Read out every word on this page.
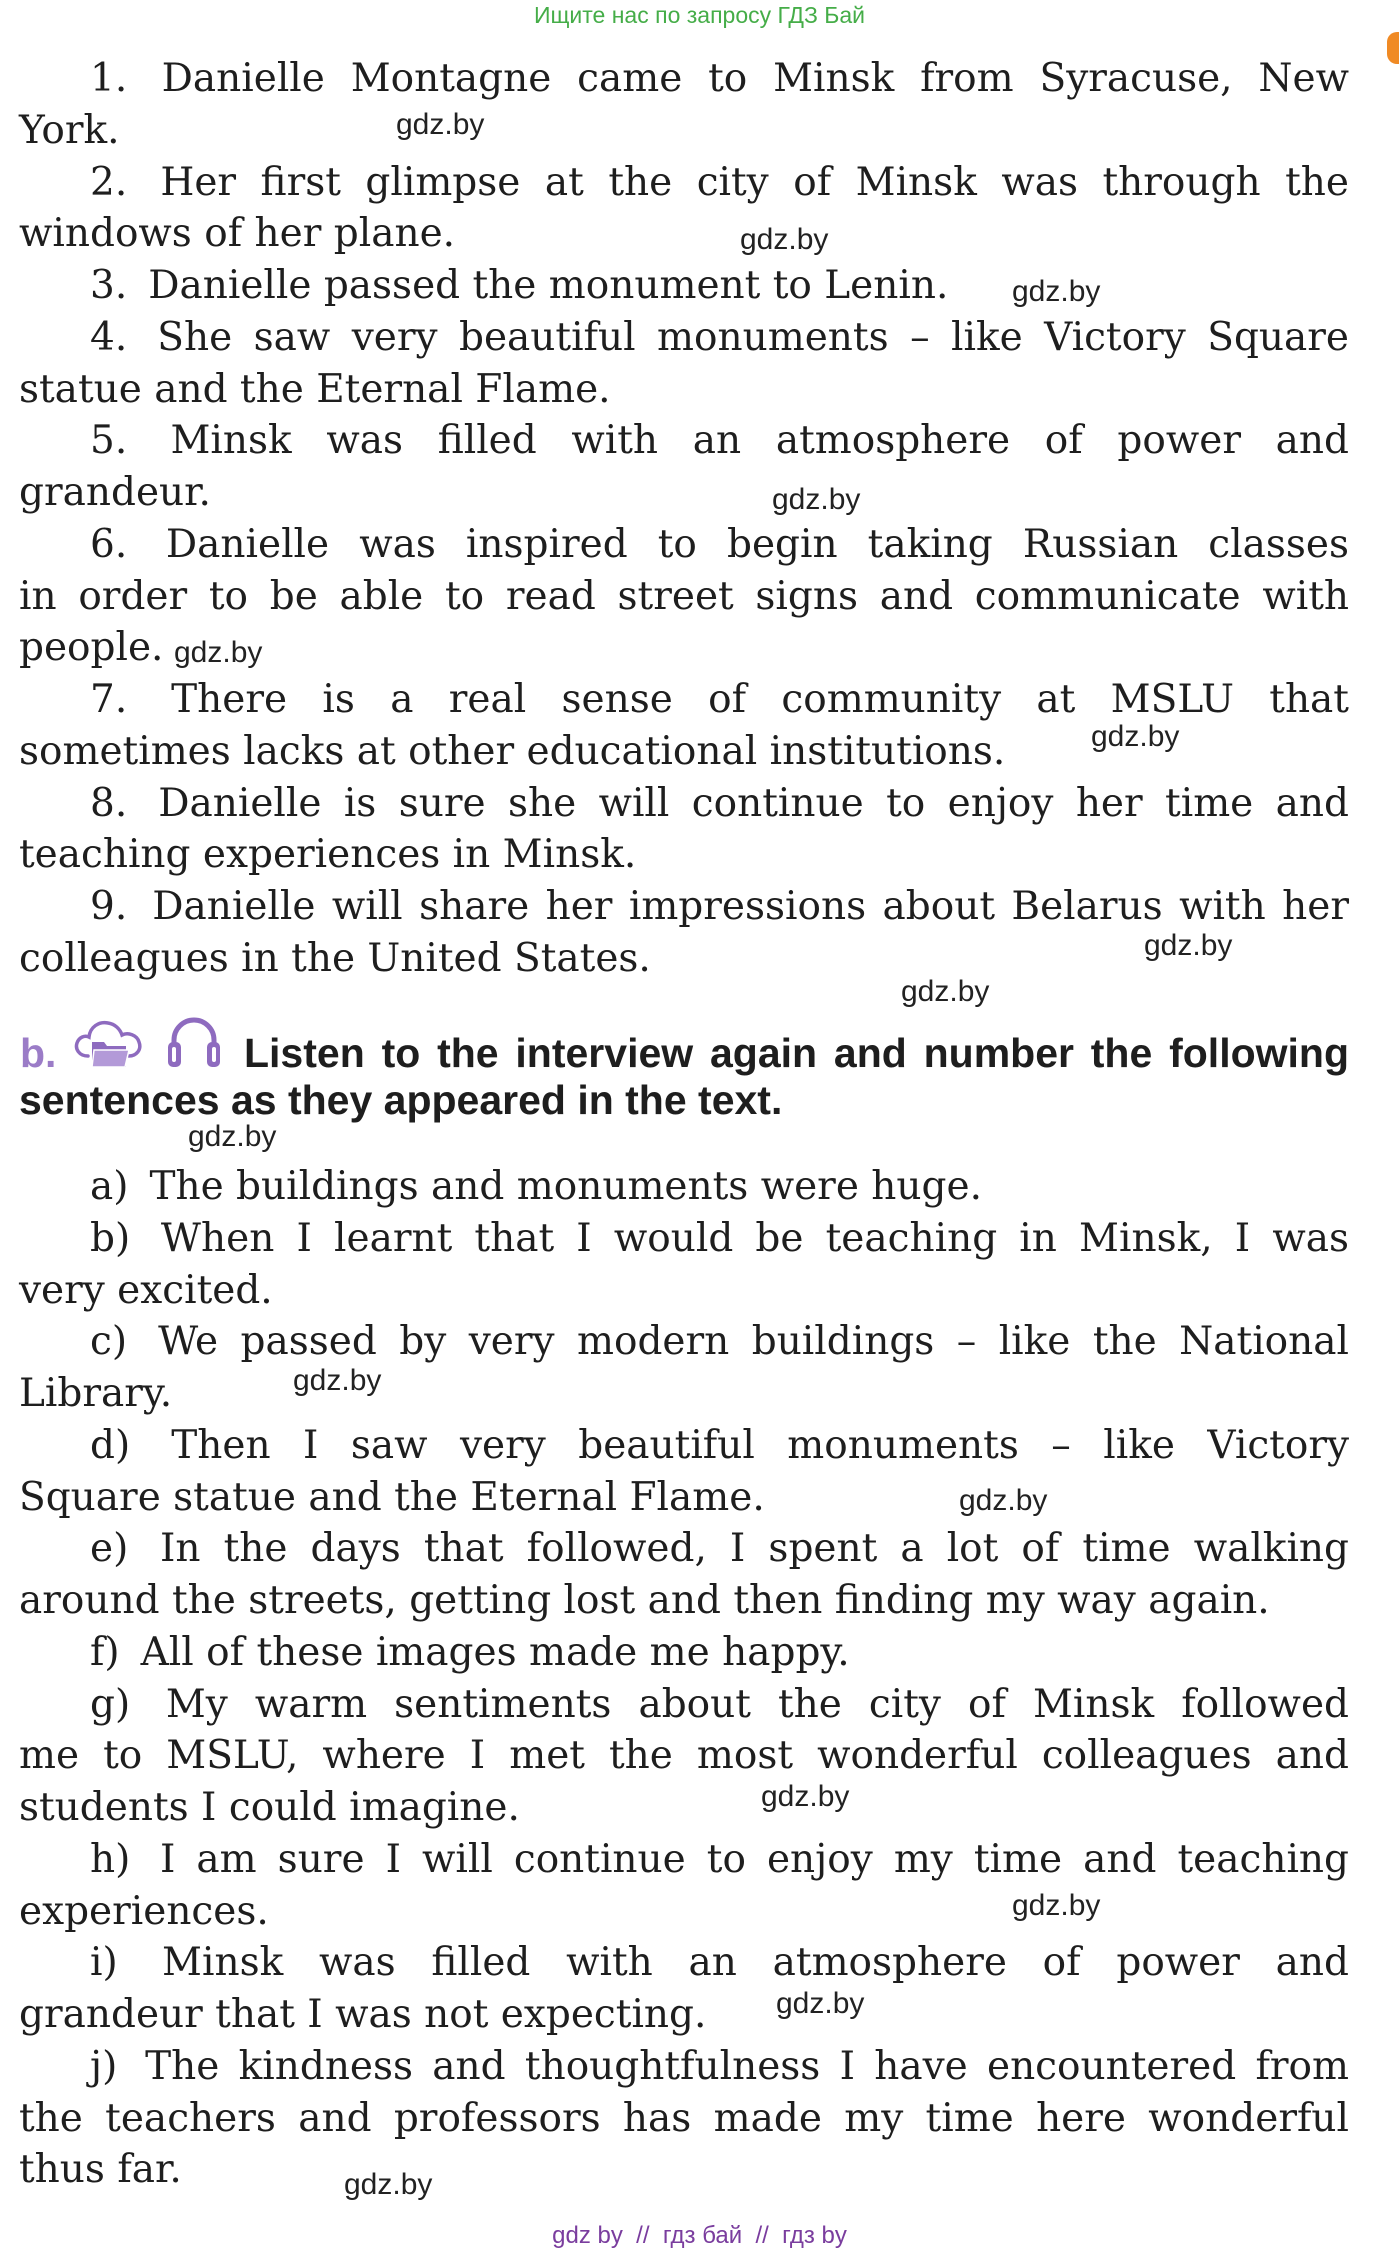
Ищите нас по запросу ГДЗ Бай
1. Danielle Montagne came to Minsk from Syracuse, New
York.
2. Her first glimpse at the city of Minsk was through the
windows of her plane.
3. Danielle passed the monument to Lenin.
4. She saw very beautiful monuments – like Victory Square
statue and the Eternal Flame.
5. Minsk was filled with an atmosphere of power and
grandeur.
6. Danielle was inspired to begin taking Russian classes
in order to be able to read street signs and communicate with
people.
7. There is a real sense of community at MSLU that
sometimes lacks at other educational institutions.
8. Danielle is sure she will continue to enjoy her time and
teaching experiences in Minsk.
9. Danielle will share her impressions about Belarus with her
colleagues in the United States.
b.	Listen to the interview again and number the following
sentences as they appeared in the text.
a) The buildings and monuments were huge.
b) When I learnt that I would be teaching in Minsk, I was
very excited.
c) We passed by very modern buildings – like the National
Library.
d) Then I saw very beautiful monuments – like Victory
Square statue and the Eternal Flame.
e) In the days that followed, I spent a lot of time walking
around the streets, getting lost and then finding my way again.
f) All of these images made me happy.
g) My warm sentiments about the city of Minsk followed
me to MSLU, where I met the most wonderful colleagues and
students I could imagine.
h) I am sure I will continue to enjoy my time and teaching
experiences.
i) Minsk was filled with an atmosphere of power and
grandeur that I was not expecting.
j) The kindness and thoughtfulness I have encountered from
the teachers and professors has made my time here wonderful
thus far.
gdz.by
gdz.by
gdz.by
gdz.by
gdz.by
gdz.by
gdz.by
gdz.by
gdz.by
gdz.by
gdz.by
gdz.by
gdz.by
gdz.by
gdz.by
gdz by  //  гдз бай  //  гдз by
